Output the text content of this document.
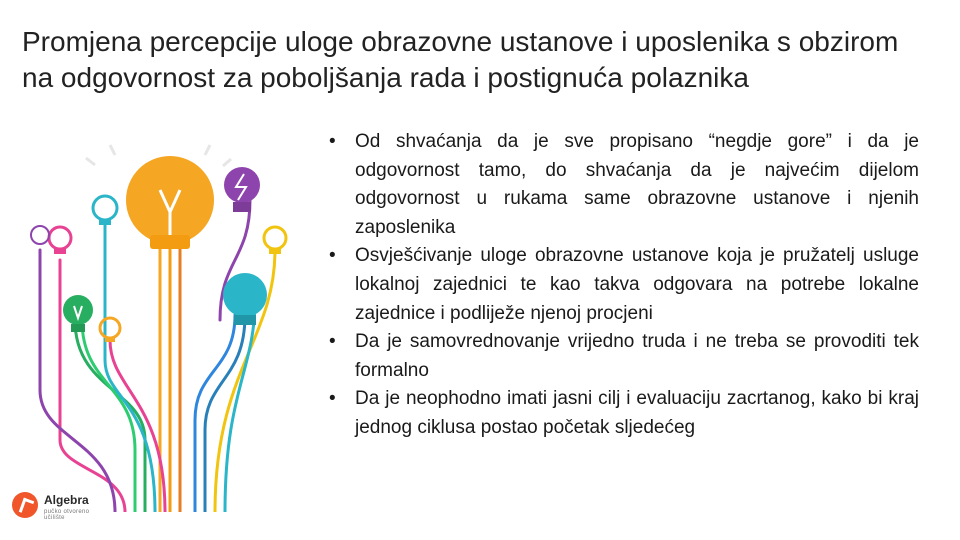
Promjena percepcije uloge obrazovne ustanove i uposlenika s obzirom na odgovornost za poboljšanja rada i postignuća polaznika
• Od shvaćanja da je sve propisano “negdje gore” i da je odgovornost tamo, do shvaćanja da je najvećim dijelom odgovornost u rukama same obrazovne ustanove i njenih zaposlenika
• Osvješćivanje uloge obrazovne ustanove koja je pružatelj usluge lokalnoj zajednici te kao takva odgovara na potrebe lokalne zajednice i podliježe njenoj procjeni
• Da je samovrednovanje vrijedno truda i ne treba se provoditi tek formalno
• Da je neophodno imati jasni cilj i evaluaciju zacrtanog, kako bi kraj jednog ciklusa postao početak sljedećeg
Algebra
pučko otvoreno učilište
